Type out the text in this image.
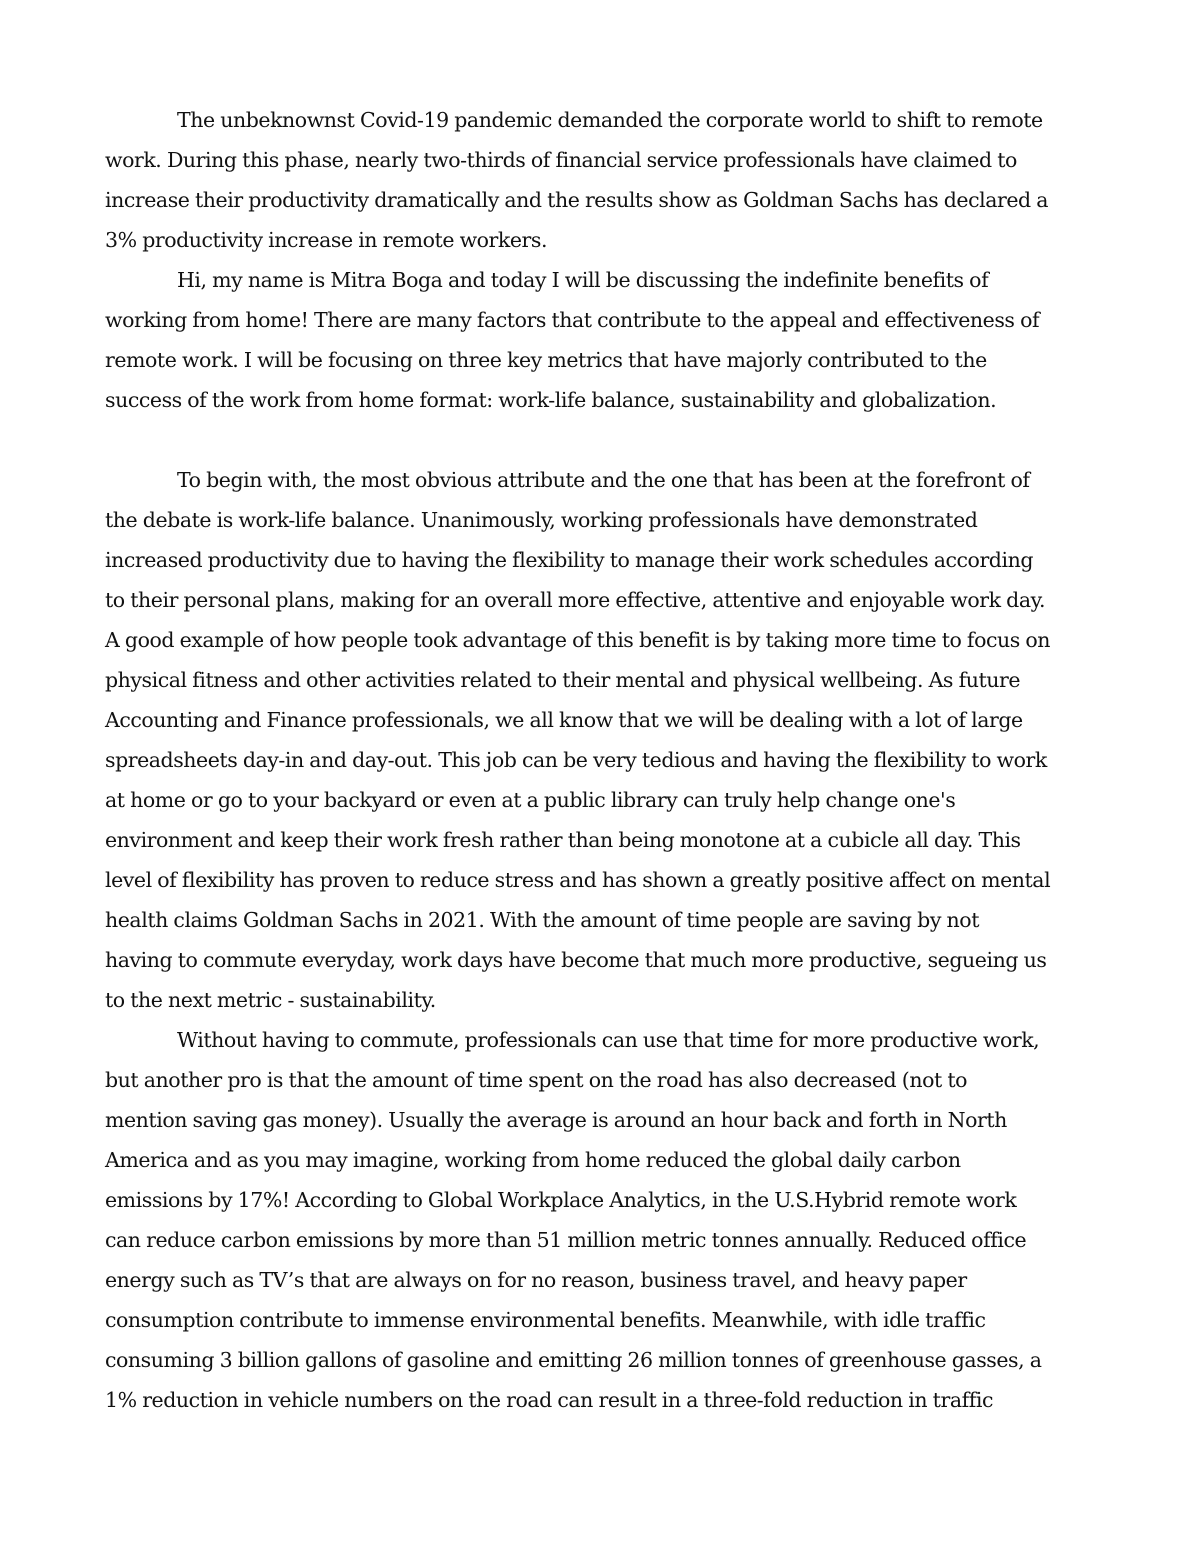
The unbeknownst Covid-19 pandemic demanded the corporate world to shift to remote
work. During this phase, nearly two-thirds of financial service professionals have claimed to
increase their productivity dramatically and the results show as Goldman Sachs has declared a
3% productivity increase in remote workers.
Hi, my name is Mitra Boga and today I will be discussing the indefinite benefits of
working from home! There are many factors that contribute to the appeal and effectiveness of
remote work. I will be focusing on three key metrics that have majorly contributed to the
success of the work from home format: work-life balance, sustainability and globalization.
To begin with, the most obvious attribute and the one that has been at the forefront of
the debate is work-life balance. Unanimously, working professionals have demonstrated
increased productivity due to having the flexibility to manage their work schedules according
to their personal plans, making for an overall more effective, attentive and enjoyable work day.
A good example of how people took advantage of this benefit is by taking more time to focus on
physical fitness and other activities related to their mental and physical wellbeing. As future
Accounting and Finance professionals, we all know that we will be dealing with a lot of large
spreadsheets day-in and day-out. This job can be very tedious and having the flexibility to work
at home or go to your backyard or even at a public library can truly help change one's
environment and keep their work fresh rather than being monotone at a cubicle all day. This
level of flexibility has proven to reduce stress and has shown a greatly positive affect on mental
health claims Goldman Sachs in 2021. With the amount of time people are saving by not
having to commute everyday, work days have become that much more productive, segueing us
to the next metric - sustainability.
Without having to commute, professionals can use that time for more productive work,
but another pro is that the amount of time spent on the road has also decreased (not to
mention saving gas money). Usually the average is around an hour back and forth in North
America and as you may imagine, working from home reduced the global daily carbon
emissions by 17%! According to Global Workplace Analytics, in the U.S.Hybrid remote work
can reduce carbon emissions by more than 51 million metric tonnes annually. Reduced office
energy such as TV’s that are always on for no reason, business travel, and heavy paper
consumption contribute to immense environmental benefits. Meanwhile, with idle traffic
consuming 3 billion gallons of gasoline and emitting 26 million tonnes of greenhouse gasses, a
1% reduction in vehicle numbers on the road can result in a three-fold reduction in traffic
